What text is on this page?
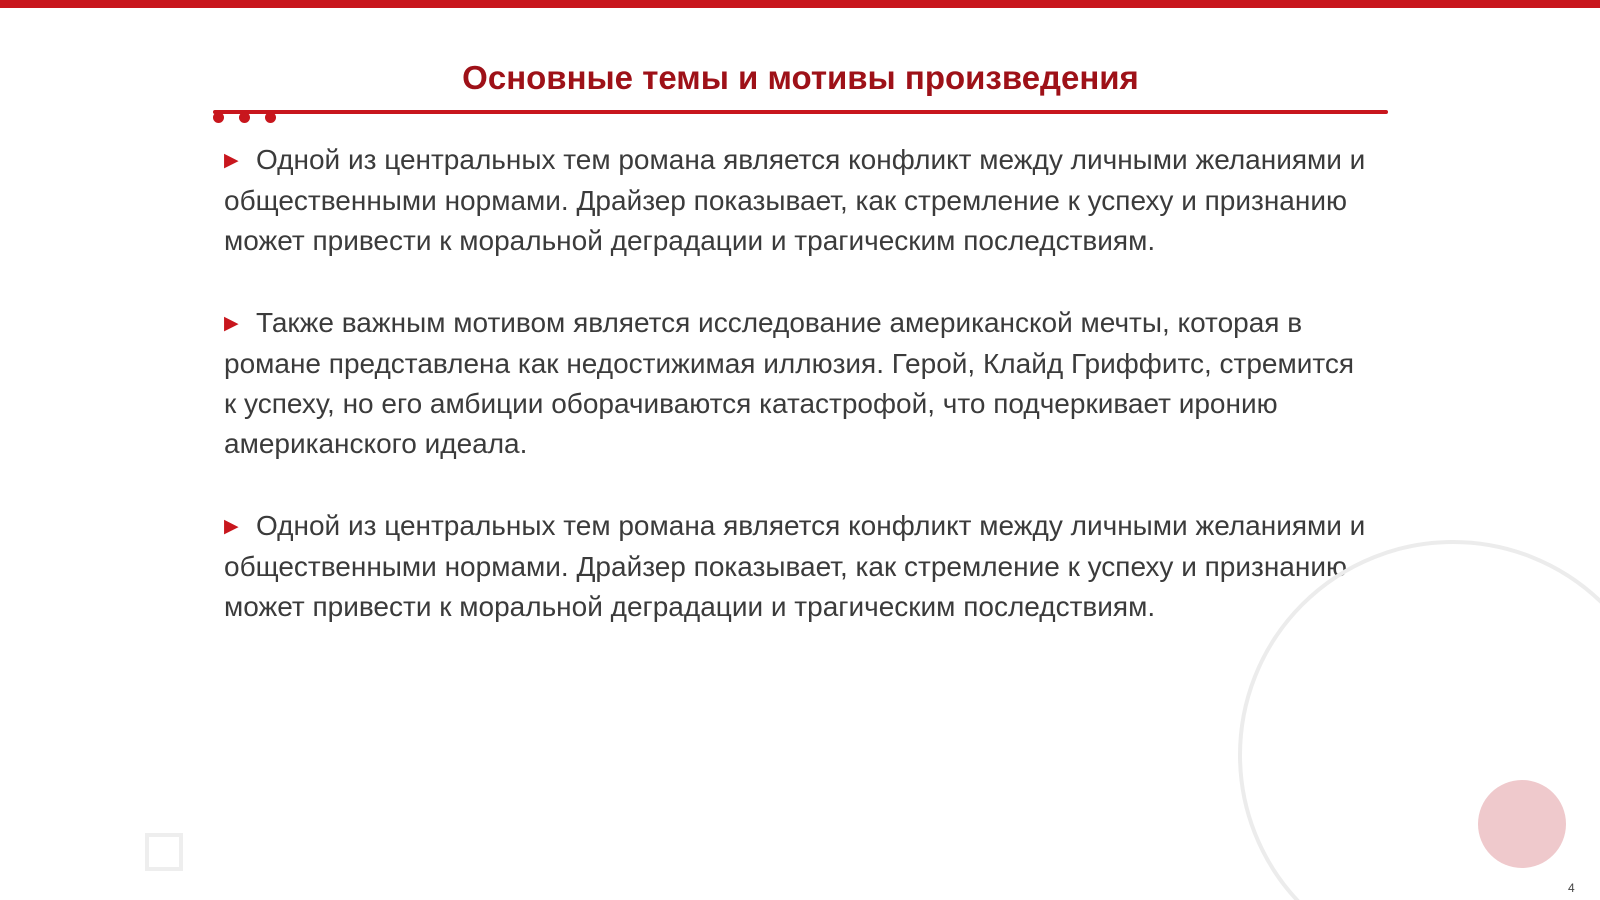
Основные темы и мотивы произведения

▶ Одной из центральных тем романа является конфликт между личными желаниями и общественными нормами. Драйзер показывает, как стремление к успеху и признанию может привести к моральной деградации и трагическим последствиям.

▶ Также важным мотивом является исследование американской мечты, которая в романе представлена как недостижимая иллюзия. Герой, Клайд Гриффитс, стремится к успеху, но его амбиции оборачиваются катастрофой, что подчеркивает иронию американского идеала.

▶ Одной из центральных тем романа является конфликт между личными желаниями и общественными нормами. Драйзер показывает, как стремление к успеху и признанию может привести к моральной деградации и трагическим последствиям.

4
